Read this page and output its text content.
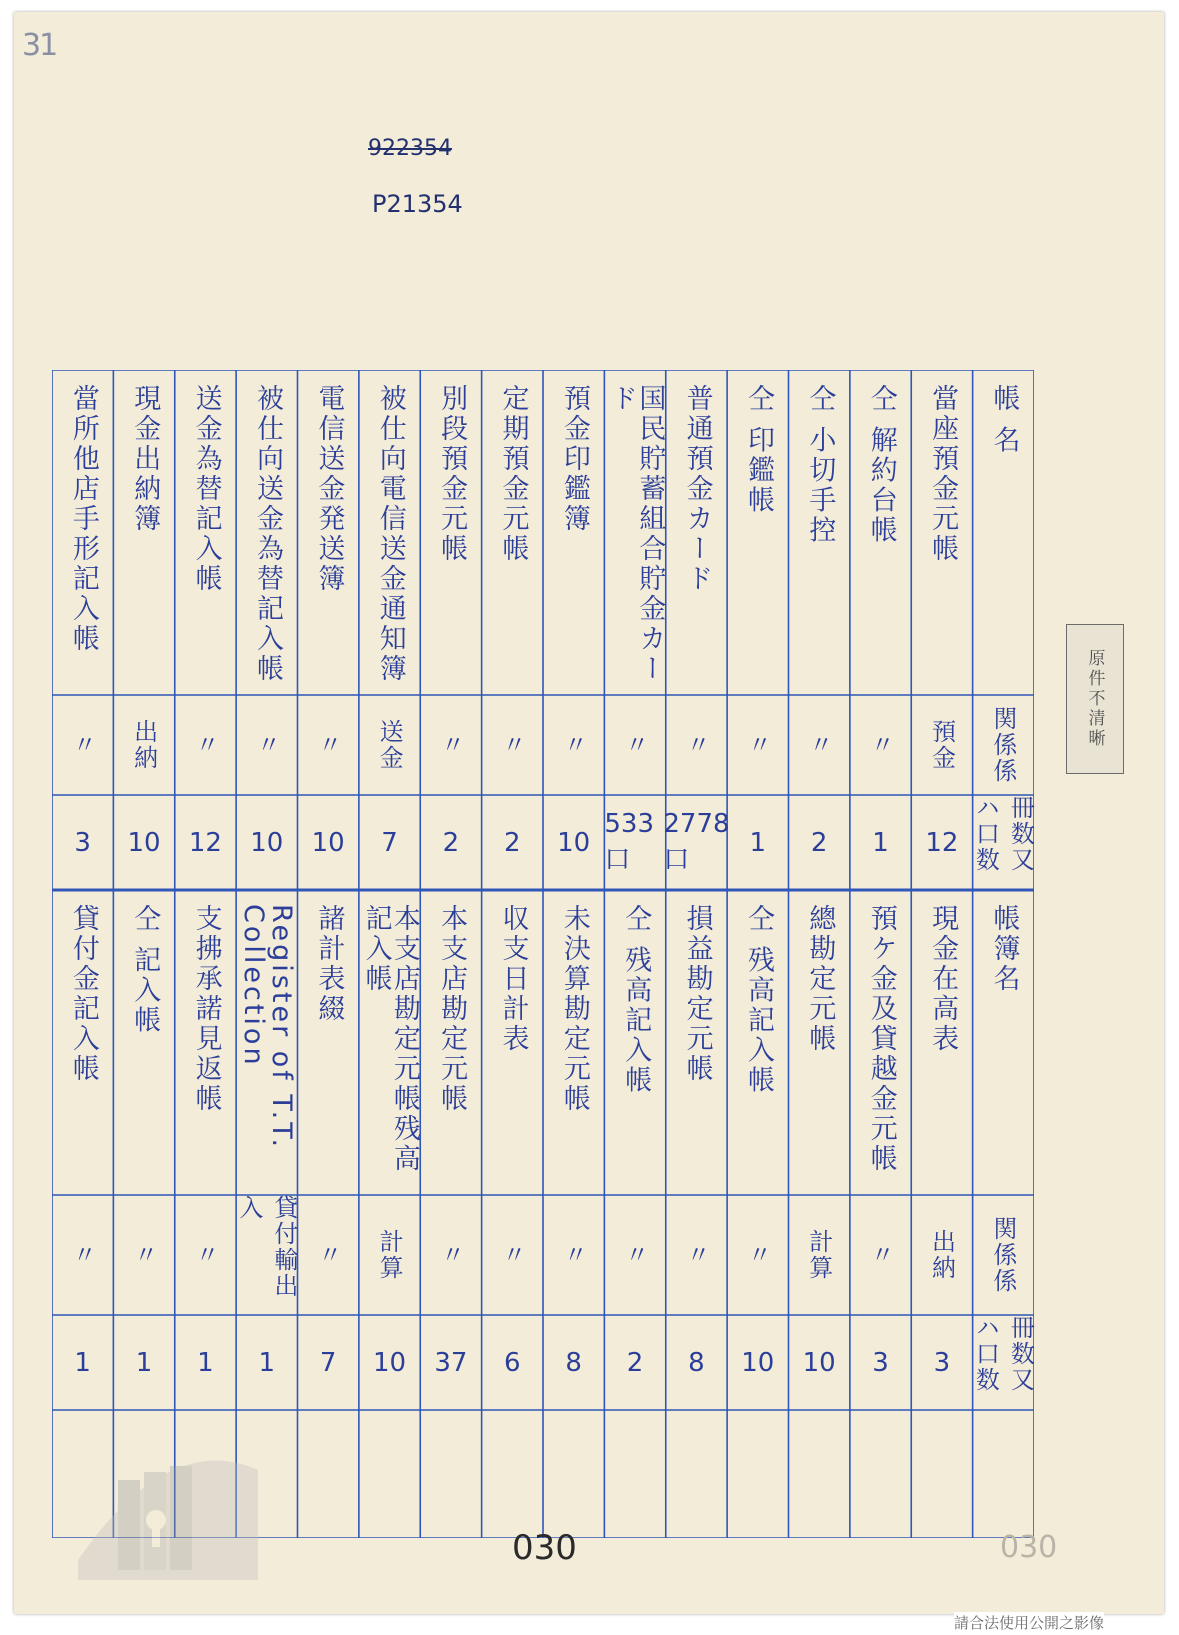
31
922354
P21354
原件不清晰
帳 名
関係係
冊数又ハ口数
當座預金元帳
預金
12
仝 解約台帳
〃
1
仝 小切手控
〃
2
仝 印鑑帳
〃
1
普通預金カード
〃
2778口
国民貯蓄組合貯金カード
〃
533口
預金印鑑簿
〃
10
定期預金元帳
〃
2
別段預金元帳
〃
2
被仕向電信送金通知簿
送金
7
電信送金発送簿
〃
10
被仕向送金為替記入帳
〃
10
送金為替記入帳
〃
12
現金出納簿
出納
10
當所他店手形記入帳
〃
3
帳簿名
関係係
冊数又ハ口数
現金在高表
出納
3
預ケ金及貸越金元帳
〃
3
總勘定元帳
計算
10
仝 残高記入帳
〃
10
損益勘定元帳
〃
8
仝 残高記入帳
〃
2
未決算勘定元帳
〃
8
収支日計表
〃
6
本支店勘定元帳
〃
37
本支店勘定元帳残高記入帳
計算
10
諸計表綴
〃
7
Register of T.T. Collection
貸付輸出入
1
支拂承諾見返帳
〃
1
仝 記入帳
〃
1
貸付金記入帳
〃
1
030	030
請合法使用公開之影像
